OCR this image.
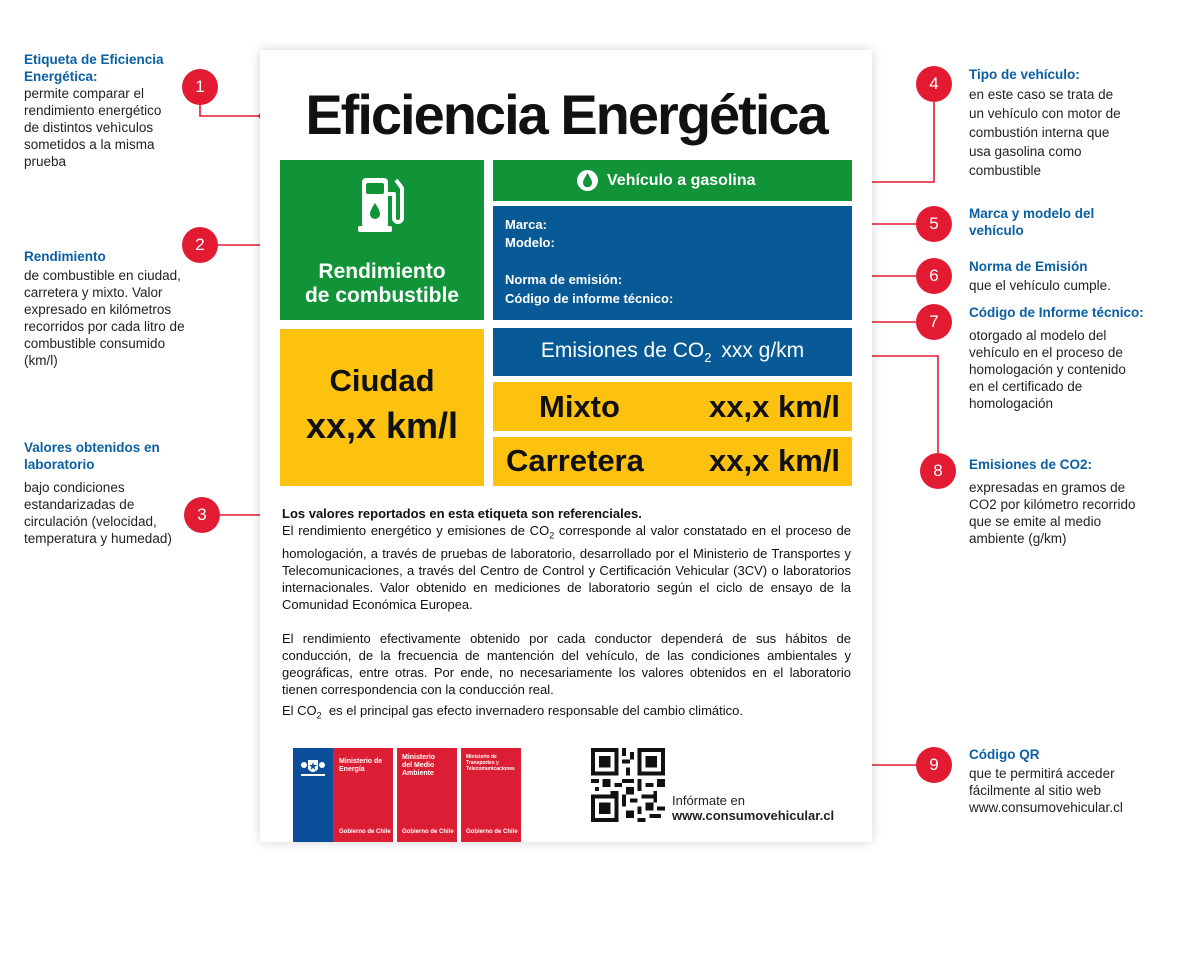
Eficiencia Energética
Rendimiento
de combustible
Vehículo a gasolina
Marca:
Modelo:
Norma de emisión:
Código de informe técnico:
Ciudad
xx,x km/l
Emisiones de $CO_2$ xxx g/km
Mixto	xx,x km/l
Carretera xx,x km/l
Los valores reportados en esta etiqueta son referenciales.
El rendimiento energético y emisiones de $CO_2$ corresponde al valor constatado en el proceso de homologación, a través de pruebas de laboratorio, desarrollado por el Ministerio de Transportes y Telecomunicaciones, a través del Centro de Control y Certificación Vehicular (3CV) o laboratorios internacionales. Valor obtenido en mediciones de laboratorio según el ciclo de ensayo de la Comunidad Económica Europea.
El rendimiento efectivamente obtenido por cada conductor dependerá de sus hábitos de conducción, de la frecuencia de mantención del vehículo, de las condiciones ambientales y geográficas, entre otras. Por ende, no necesariamente los valores obtenidos en el laboratorio tienen correspondencia con la conducción real.
El $CO_2$  es el principal gas efecto invernadero responsable del cambio climático.
Ministerio de Energía
Gobierno de Chile
Ministerio del Medio Ambiente
Gobierno de Chile
Ministerio de Transportes y Telecomunicaciones
Gobierno de Chile
Infórmate en
www.consumovehicular.cl
1
2
3
4
5
6
7
8
9
Etiqueta de Eficiencia Energética:
permite comparar el rendimiento energético de distintos vehìculos sometidos a la misma prueba
Rendimiento
de combustible en ciudad, carretera y mixto. Valor expresado en kilómetros recorridos por cada litro de combustible consumido (km/l)
Valores obtenidos en laboratorio
bajo condiciones estandarizadas de circulación (velocidad, temperatura y humedad)
Tipo de vehículo:
en este caso se trata de un vehículo con motor de combustión interna que usa gasolina como combustible
Marca y modelo del vehículo
Norma de Emisión
que el vehículo cumple.
Código de Informe técnico:
otorgado al modelo del vehículo en el proceso de homologación y contenido en el certificado de homologación
Emisiones de CO2:
expresadas en gramos de CO2 por kilómetro recorrido que se emite al medio ambiente (g/km)
Código QR
que te permitirá acceder fácilmente al sitio web www.consumovehicular.cl
